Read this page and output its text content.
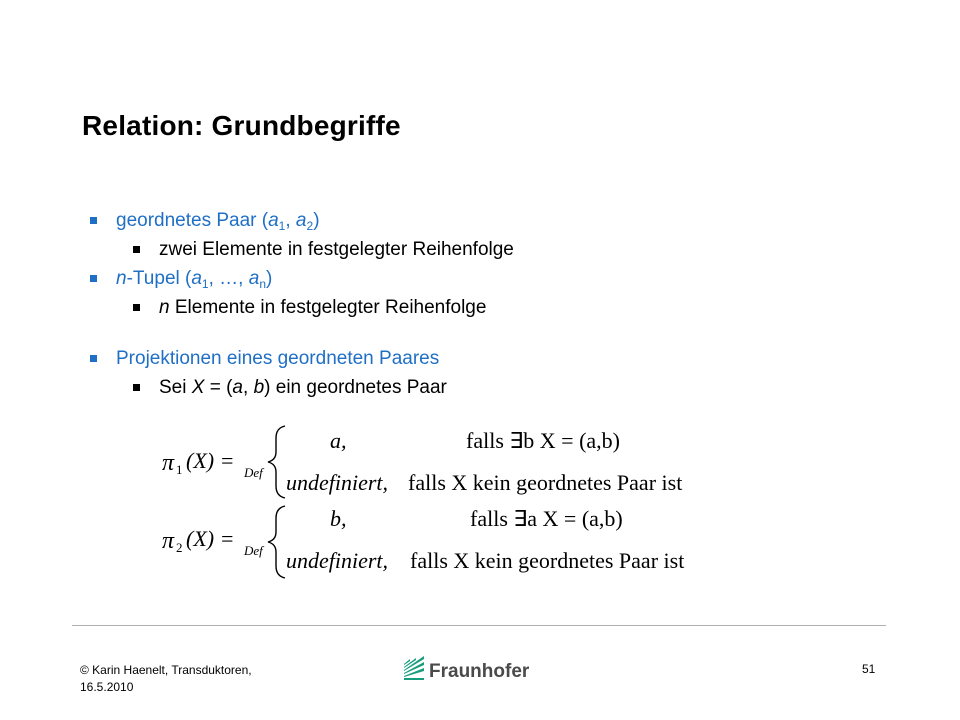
Relation: Grundbegriffe
geordnetes Paar ($a_1$, $a_2$)
zwei Elemente in festgelegter Reihenfolge
n-Tupel ($a_1$, …, $a_n$)
n Elemente in festgelegter Reihenfolge
Projektionen eines geordneten Paares
Sei X = (a, b) ein geordnetes Paar
π 1 (X) = Def
a,	falls ∃b X = (a,b)
undefiniert, falls X kein geordnetes Paar ist
π 2 (X) = Def
b,	falls ∃a X = (a,b)
undefiniert, falls X kein geordnetes Paar ist
© Karin Haenelt, Transduktoren,
16.5.2010
Fraunhofer	51
